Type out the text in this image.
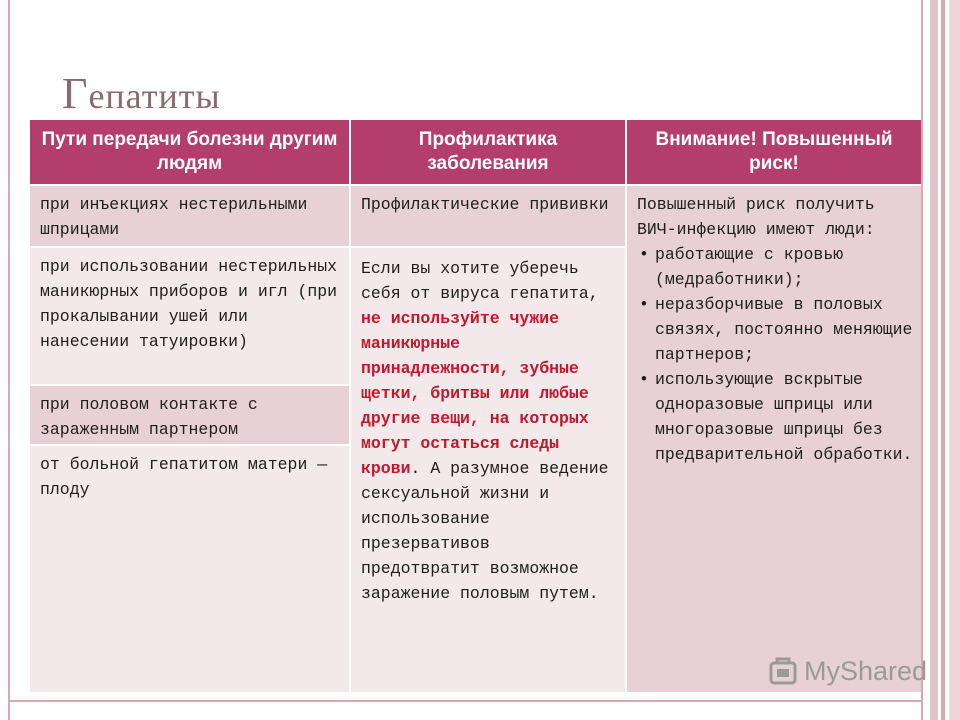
Гепатиты
Пути передачи болезни другим людям
Профилактика заболевания
Внимание! Повышенный риск!
при инъекциях нестерильными шприцами
при использовании нестерильных маникюрных приборов и игл (при прокалывании ушей или нанесении татуировки)
при половом контакте с зараженным партнером
от больной гепатитом матери — плоду
Профилактические прививки
Если вы хотите уберечь себя от вируса гепатита, не используйте чужие маникюрные принадлежности, зубные щетки, бритвы или любые другие вещи, на которых могут остаться следы крови. А разумное ведение сексуальной жизни и использование презервативов предотвратит возможное заражение половым путем.
Повышенный риск получить ВИЧ-инфекцию имеют люди:
• работающие с кровью (медработники);
• неразборчивые в половых связях, постоянно меняющие партнеров;
• использующие вскрытые одноразовые шприцы или многоразовые шприцы без предварительной обработки.
MyShared
